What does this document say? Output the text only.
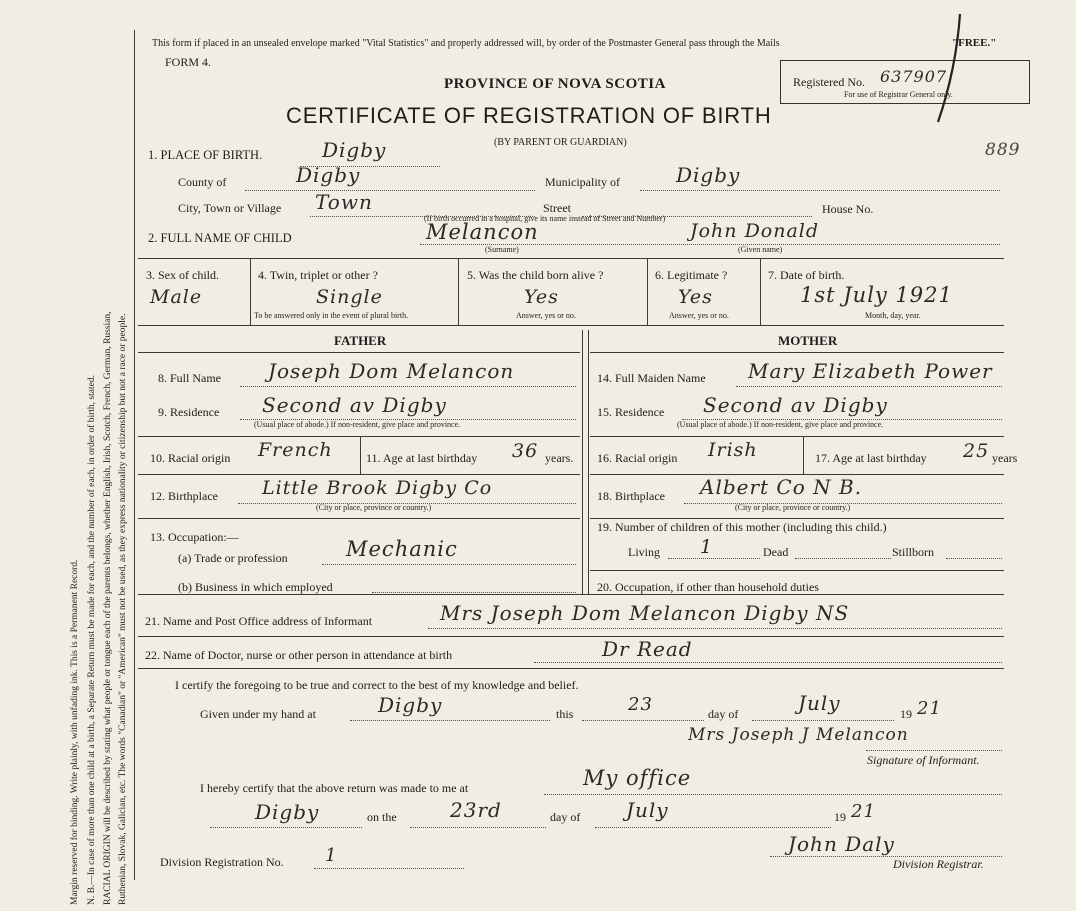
Margin reserved for binding. Write plainly, with unfading ink. This is a Permanent Record. N. B.—In case of more than one child at a birth, a Separate Return must be made for each, and the number of each, in order of birth, stated. RACIAL ORIGIN will be described by stating what people or tongue each of the parents belongs, whether English, Irish, Scotch, French, German, Russian, Ruthenian, Slovak, Galician, etc. The words "Canadian" or "American" must not be used, as they express nationality or citizenship but not a race or people.
This form if placed in an unsealed envelope marked "Vital Statistics" and properly addressed will, by order of the Postmaster General pass through the Mails	"FREE."
FORM 4.
PROVINCE OF NOVA SCOTIA
CERTIFICATE OF REGISTRATION OF BIRTH
(BY PARENT OR GUARDIAN)
Registered No. 637907
For use of Registrar General only.
889
1. PLACE OF BIRTH.	Digby
County of	Digby	Municipality of	Digby
City, Town or Village Town	Street	House No.
(If birth occurred in a hospital, give its name instead of Street and Number)
2. FULL NAME OF CHILD	Melancon
(Surname)
John Donald
(Given name)
3. Sex of child.
Male
4. Twin, triplet or other ?
Single
To be answered only in the event of plural birth.
5. Was the child born alive ?
Yes
Answer, yes or no.
6. Legitimate ?
Yes
Answer, yes or no.
7. Date of birth.
1st July 1921
Month, day, year.
FATHER	MOTHER
8. Full Name Joseph Dom Melancon
9. Residence Second av Digby
(Usual place of abode.) If non-resident, give place and province.
10. Racial origin French	11. Age at last birthday 36 years.
12. Birthplace Little Brook Digby Co
(City or place, province or country.)
13. Occupation:—
(a) Trade or profession	Mechanic
(b) Business in which employed
14. Full Maiden Name Mary Elizabeth Power
15. Residence Second av Digby
(Usual place of abode.) If non-resident, give place and province.
16. Racial origin Irish	17. Age at last birthday 25 years
18. Birthplace Albert Co N B.
(City or place, province or country.)
19. Number of children of this mother (including this child.)
Living 1	Dead	Stillborn
20. Occupation, if other than household duties
21. Name and Post Office address of Informant	Mrs Joseph Dom Melancon Digby NS
22. Name of Doctor, nurse or other person in attendance at birth	Dr Read
I certify the foregoing to be true and correct to the best of my knowledge and belief.
Given under my hand at	Digby	this	23	day of	July	19 21
Mrs Joseph J Melancon
Signature of Informant.
I hereby certify that the above return was made to me at	My office
Digby	on the	23rd	day of July	19 21
John Daly
Division Registrar.
Division Registration No. 1
